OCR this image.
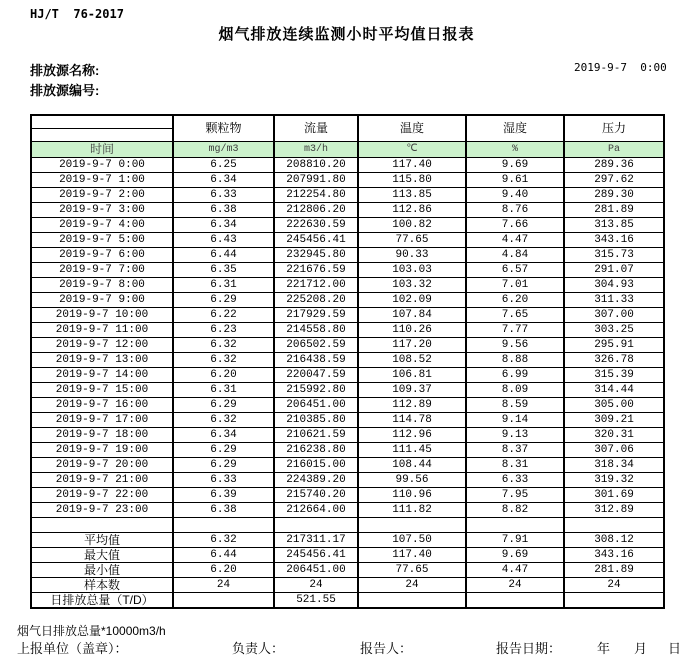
HJ/T  76-2017
烟气排放连续监测小时平均值日报表
排放源名称:
排放源编号:
2019-9-7  0:00
	颗粒物	流量	温度	湿度	压力

时间	mg/m3	m3/h	℃	%	Pa
2019-9-7 0:00	6.25	208810.20	117.40	9.69	289.36
2019-9-7 1:00	6.34	207991.80	115.80	9.61	297.62
2019-9-7 2:00	6.33	212254.80	113.85	9.40	289.30
2019-9-7 3:00	6.38	212806.20	112.86	8.76	281.89
2019-9-7 4:00	6.34	222630.59	100.82	7.66	313.85
2019-9-7 5:00	6.43	245456.41	77.65	4.47	343.16
2019-9-7 6:00	6.44	232945.80	90.33	4.84	315.73
2019-9-7 7:00	6.35	221676.59	103.03	6.57	291.07
2019-9-7 8:00	6.31	221712.00	103.32	7.01	304.93
2019-9-7 9:00	6.29	225208.20	102.09	6.20	311.33
2019-9-7 10:00	6.22	217929.59	107.84	7.65	307.00
2019-9-7 11:00	6.23	214558.80	110.26	7.77	303.25
2019-9-7 12:00	6.32	206502.59	117.20	9.56	295.91
2019-9-7 13:00	6.32	216438.59	108.52	8.88	326.78
2019-9-7 14:00	6.20	220047.59	106.81	6.99	315.39
2019-9-7 15:00	6.31	215992.80	109.37	8.09	314.44
2019-9-7 16:00	6.29	206451.00	112.89	8.59	305.00
2019-9-7 17:00	6.32	210385.80	114.78	9.14	309.21
2019-9-7 18:00	6.34	210621.59	112.96	9.13	320.31
2019-9-7 19:00	6.29	216238.80	111.45	8.37	307.06
2019-9-7 20:00	6.29	216015.00	108.44	8.31	318.34
2019-9-7 21:00	6.33	224389.20	99.56	6.33	319.32
2019-9-7 22:00	6.39	215740.20	110.96	7.95	301.69
2019-9-7 23:00	6.38	212664.00	111.82	8.82	312.89

平均值	6.32	217311.17	107.50	7.91	308.12
最大值	6.44	245456.41	117.40	9.69	343.16
最小值	6.20	206451.00	77.65	4.47	281.89
样本数	24	24	24	24	24
日排放总量（T/D）		521.55			
烟气日排放总量*10000m3/h
上报单位（盖章）：	负责人：	报告人：	报告日期：	年 月 日
